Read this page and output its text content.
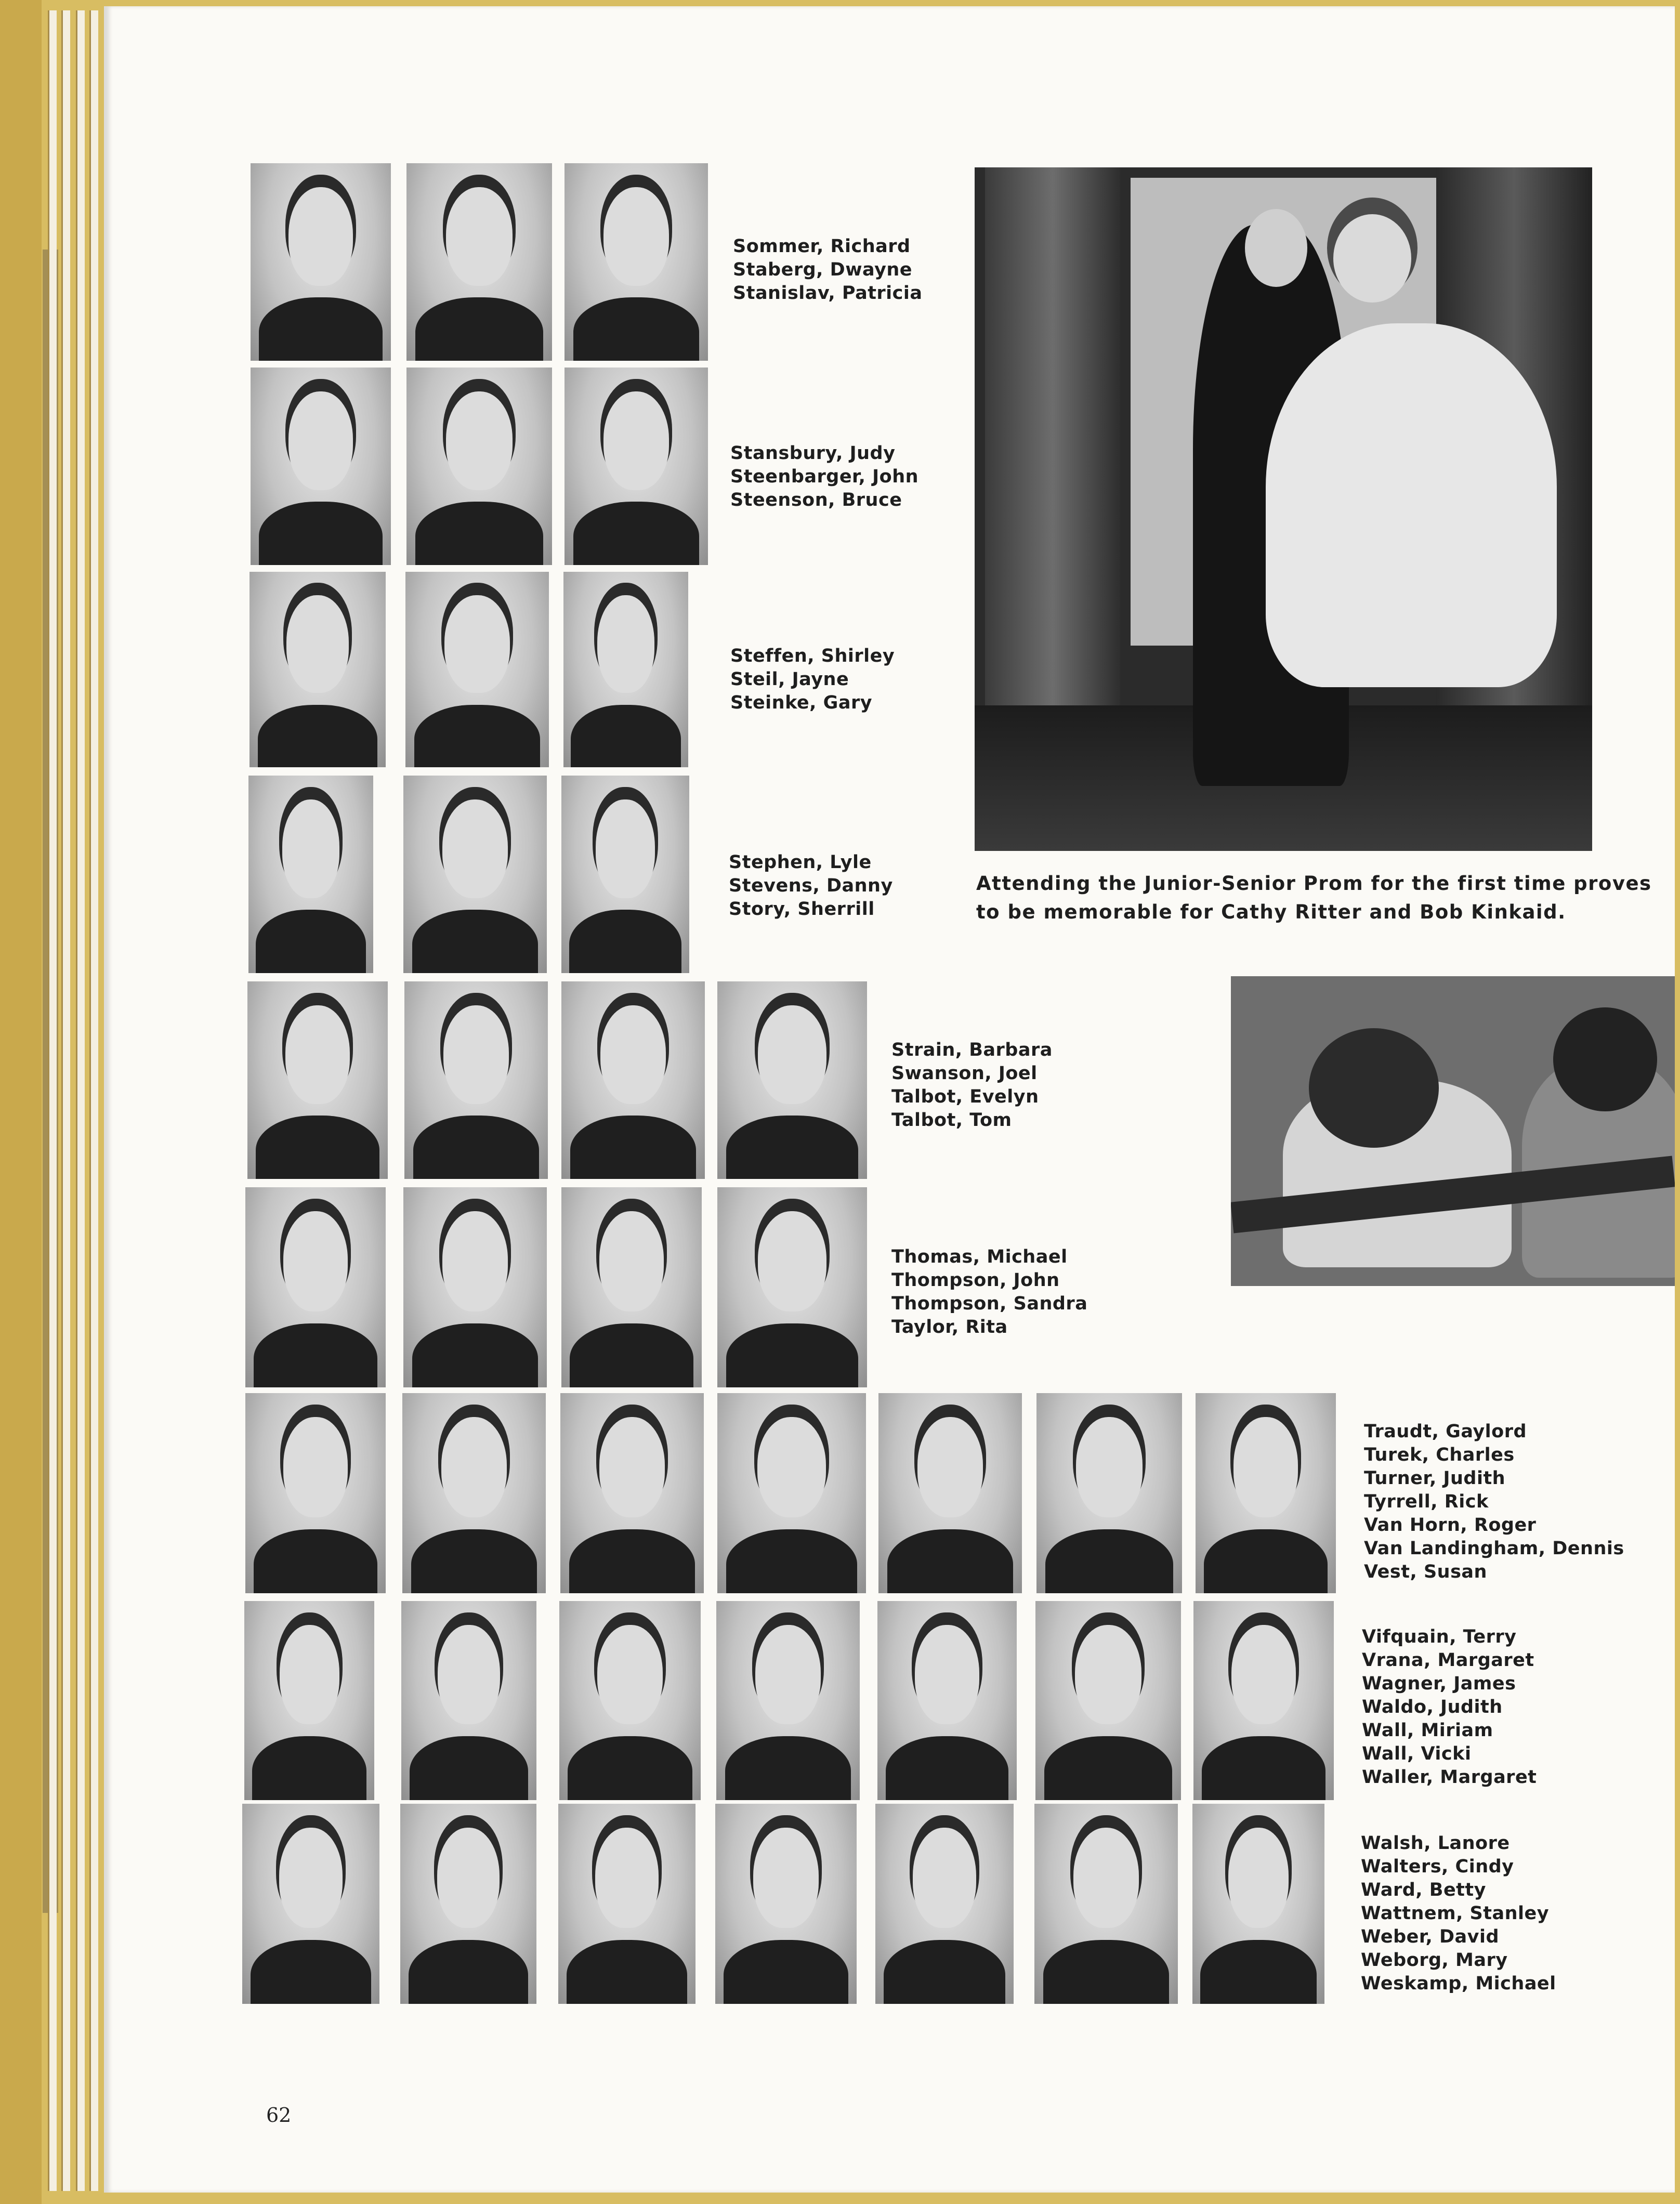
Sommer, Richard
Staberg, Dwayne
Stanislav, Patricia
Stansbury, Judy
Steenbarger, John
Steenson, Bruce
Steffen, Shirley
Steil, Jayne
Steinke, Gary
Stephen, Lyle
Stevens, Danny
Story, Sherrill
Attending the Junior-Senior Prom for the first time proves
to be memorable for Cathy Ritter and Bob Kinkaid.
Strain, Barbara
Swanson, Joel
Talbot, Evelyn
Talbot, Tom
Thomas, Michael
Thompson, John
Thompson, Sandra
Taylor, Rita
Traudt, Gaylord
Turek, Charles
Turner, Judith
Tyrrell, Rick
Van Horn, Roger
Van Landingham, Dennis
Vest, Susan
Vifquain, Terry
Vrana, Margaret
Wagner, James
Waldo, Judith
Wall, Miriam
Wall, Vicki
Waller, Margaret
Walsh, Lanore
Walters, Cindy
Ward, Betty
Wattnem, Stanley
Weber, David
Weborg, Mary
Weskamp, Michael
62
